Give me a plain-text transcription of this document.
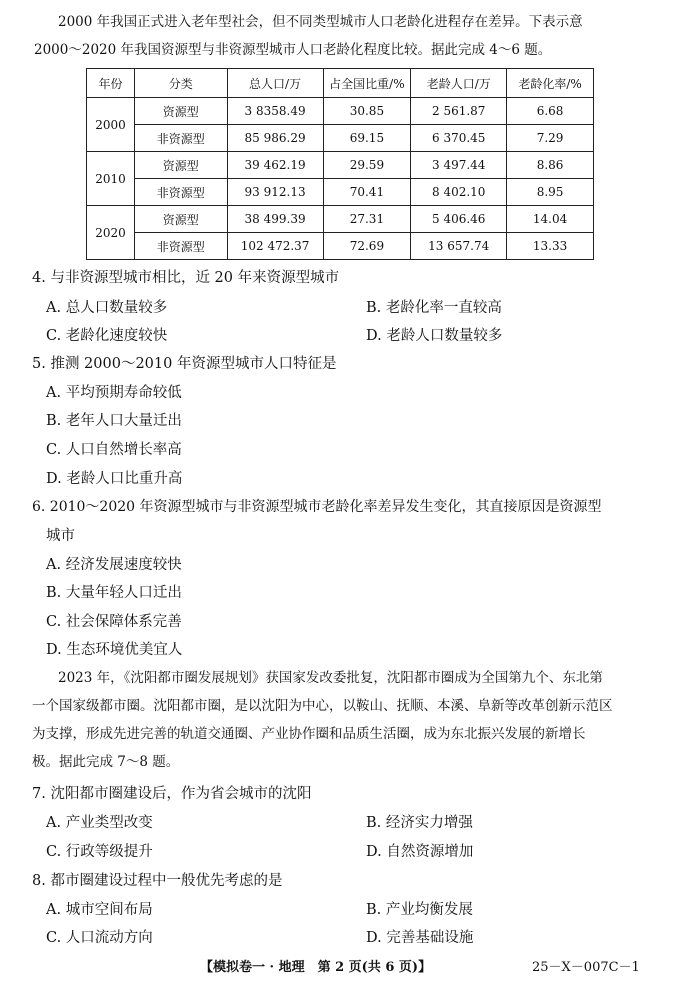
2000 年我国正式进入老年型社会，但不同类型城市人口老龄化进程存在差异。下表示意
2000～2020 年我国资源型与非资源型城市人口老龄化程度比较。据此完成 4～6 题。
年份	分类	总人口/万	占全国比重/%	老龄人口/万	老龄化率/%
2000	资源型	3 8358.49	30.85	2 561.87	6.68
	非资源型	85 986.29	69.15	6 370.45	7.29
2010	资源型	39 462.19	29.59	3 497.44	8.86
	非资源型	93 912.13	70.41	8 402.10	8.95
2020	资源型	38 499.39	27.31	5 406.46	14.04
	非资源型	102 472.37	72.69	13 657.74	13.33
4. 与非资源型城市相比，近 20 年来资源型城市
A. 总人口数量较多	B. 老龄化率一直较高
C. 老龄化速度较快	D. 老龄人口数量较多
5. 推测 2000～2010 年资源型城市人口特征是
A. 平均预期寿命较低
B. 老年人口大量迁出
C. 人口自然增长率高
D. 老龄人口比重升高
6. 2010～2020 年资源型城市与非资源型城市老龄化率差异发生变化，其直接原因是资源型
城市
A. 经济发展速度较快
B. 大量年轻人口迁出
C. 社会保障体系完善
D. 生态环境优美宜人
2023 年，《沈阳都市圈发展规划》获国家发改委批复，沈阳都市圈成为全国第九个、东北第
一个国家级都市圈。沈阳都市圈，是以沈阳为中心，以鞍山、抚顺、本溪、阜新等改革创新示范区
为支撑，形成先进完善的轨道交通圈、产业协作圈和品质生活圈，成为东北振兴发展的新增长
极。据此完成 7～8 题。
7. 沈阳都市圈建设后，作为省会城市的沈阳
A. 产业类型改变	B. 经济实力增强
C. 行政等级提升	D. 自然资源增加
8. 都市圈建设过程中一般优先考虑的是
A. 城市空间布局	B. 产业均衡发展
C. 人口流动方向	D. 完善基础设施
【模拟卷一 · 地理　第 2 页(共 6 页)】	25－X－007C－1
